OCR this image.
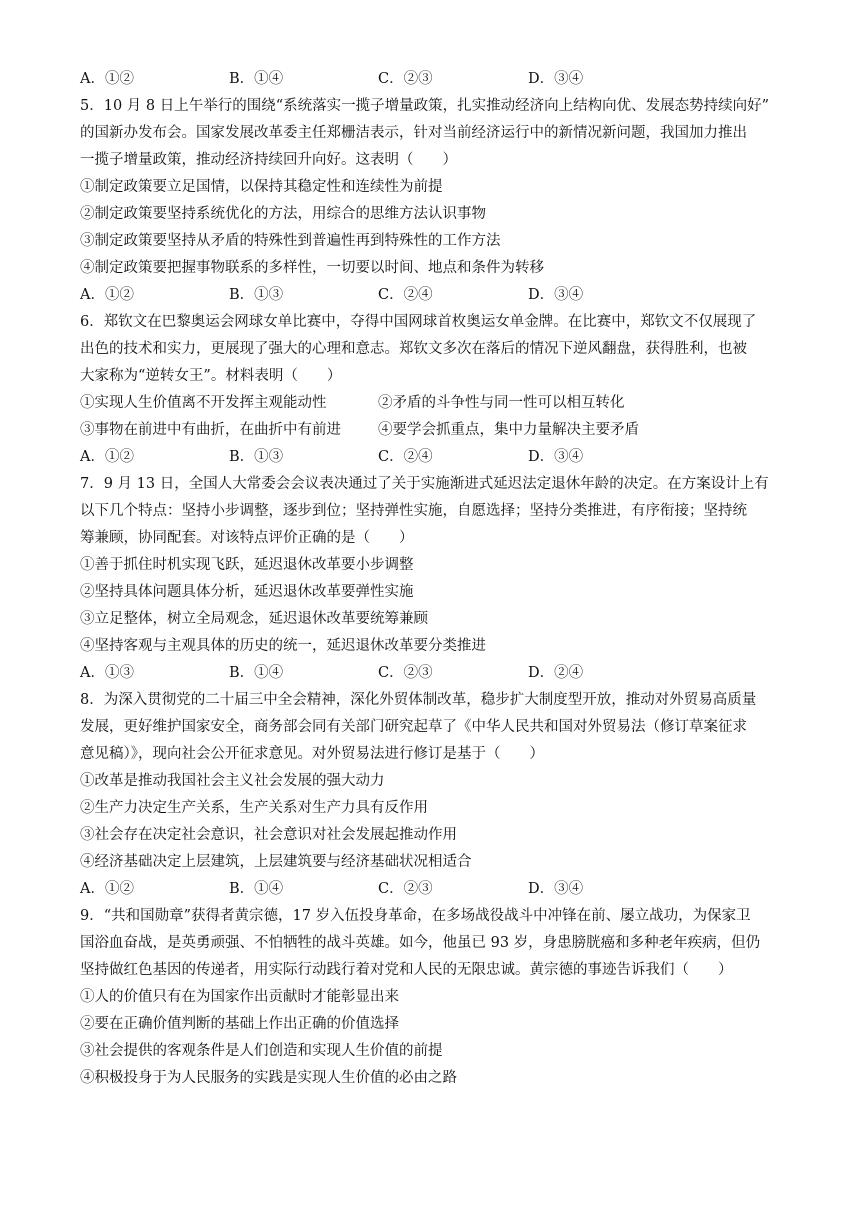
A．①②	B．①④	C．②③	D．③④
5．10 月 8 日上午举行的围绕“系统落实一揽子增量政策，扎实推动经济向上结构向优、发展态势持续向好”
的国新办发布会。国家发展改革委主任郑栅洁表示，针对当前经济运行中的新情况新问题，我国加力推出
一揽子增量政策，推动经济持续回升向好。这表明（　　）
①制定政策要立足国情，以保持其稳定性和连续性为前提
②制定政策要坚持系统优化的方法，用综合的思维方法认识事物
③制定政策要坚持从矛盾的特殊性到普遍性再到特殊性的工作方法
④制定政策要把握事物联系的多样性，一切要以时间、地点和条件为转移
A．①②	B．①③	C．②④	D．③④
6．郑钦文在巴黎奥运会网球女单比赛中，夺得中国网球首枚奥运女单金牌。在比赛中，郑钦文不仅展现了
出色的技术和实力，更展现了强大的心理和意志。郑钦文多次在落后的情况下逆风翻盘，获得胜利，也被
大家称为“逆转女王”。材料表明（　　）
①实现人生价值离不开发挥主观能动性	②矛盾的斗争性与同一性可以相互转化
③事物在前进中有曲折，在曲折中有前进	④要学会抓重点，集中力量解决主要矛盾
A．①②	B．①③	C．②④	D．③④
7．9 月 13 日，全国人大常委会会议表决通过了关于实施渐进式延迟法定退休年龄的决定。在方案设计上有
以下几个特点：坚持小步调整，逐步到位；坚持弹性实施，自愿选择；坚持分类推进，有序衔接；坚持统
筹兼顾，协同配套。对该特点评价正确的是（　　）
①善于抓住时机实现飞跃，延迟退休改革要小步调整
②坚持具体问题具体分析，延迟退休改革要弹性实施
③立足整体，树立全局观念，延迟退休改革要统筹兼顾
④坚持客观与主观具体的历史的统一，延迟退休改革要分类推进
A．①③	B．①④	C．②③	D．②④
8．为深入贯彻党的二十届三中全会精神，深化外贸体制改革，稳步扩大制度型开放，推动对外贸易高质量
发展，更好维护国家安全，商务部会同有关部门研究起草了《中华人民共和国对外贸易法（修订草案征求
意见稿）》，现向社会公开征求意见。对外贸易法进行修订是基于（　　）
①改革是推动我国社会主义社会发展的强大动力
②生产力决定生产关系，生产关系对生产力具有反作用
③社会存在决定社会意识，社会意识对社会发展起推动作用
④经济基础决定上层建筑，上层建筑要与经济基础状况相适合
A．①②	B．①④	C．②③	D．③④
9．“共和国勋章”获得者黄宗德，17 岁入伍投身革命，在多场战役战斗中冲锋在前、屡立战功，为保家卫
国浴血奋战，是英勇顽强、不怕牺牲的战斗英雄。如今，他虽已 93 岁，身患膀胱癌和多种老年疾病，但仍
坚持做红色基因的传递者，用实际行动践行着对党和人民的无限忠诚。黄宗德的事迹告诉我们（　　）
①人的价值只有在为国家作出贡献时才能彰显出来
②要在正确价值判断的基础上作出正确的价值选择
③社会提供的客观条件是人们创造和实现人生价值的前提
④积极投身于为人民服务的实践是实现人生价值的必由之路
